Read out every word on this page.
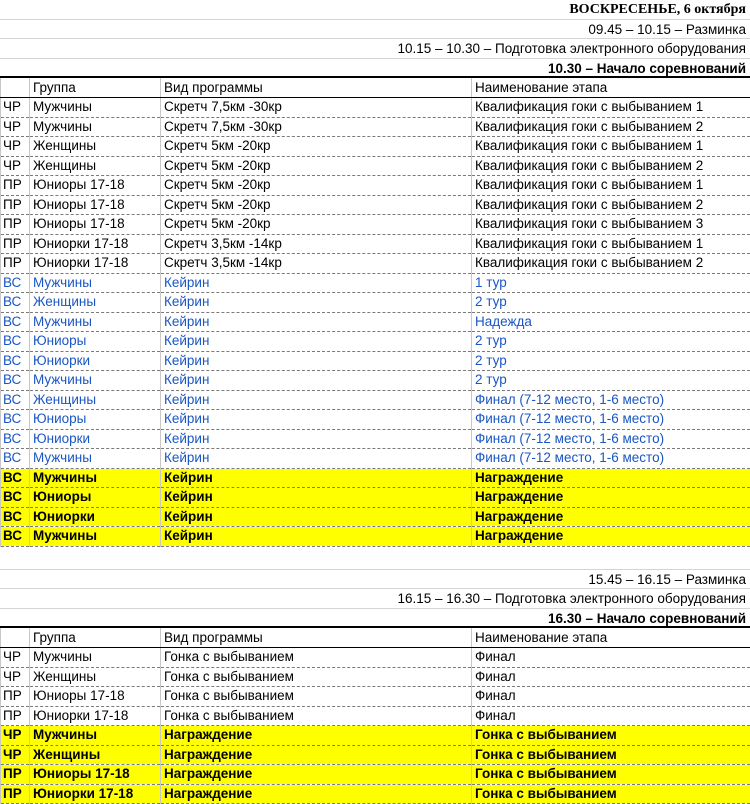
ВОСКРЕСЕНЬЕ, 6 октября
09.45 – 10.15 – Разминка
10.15 – 10.30 – Подготовка электронного оборудования
10.30 – Начало соревнований
	Группа	Вид программы	Наименование этапа
ЧР	Мужчины	Скретч 7,5км -30кр	Квалификация гоки с выбыванием 1
ЧР	Мужчины	Скретч 7,5км -30кр	Квалификация гоки с выбыванием 2
ЧР	Женщины	Скретч 5км -20кр	Квалификация гоки с выбыванием 1
ЧР	Женщины	Скретч 5км -20кр	Квалификация гоки с выбыванием 2
ПР	Юниоры 17-18	Скретч 5км -20кр	Квалификация гоки с выбыванием 1
ПР	Юниоры 17-18	Скретч 5км -20кр	Квалификация гоки с выбыванием 2
ПР	Юниоры 17-18	Скретч 5км -20кр	Квалификация гоки с выбыванием 3
ПР	Юниорки 17-18	Скретч 3,5км -14кр	Квалификация гоки с выбыванием 1
ПР	Юниорки 17-18	Скретч 3,5км -14кр	Квалификация гоки с выбыванием 2
ВС	Мужчины	Кейрин	1 тур
ВС	Женщины	Кейрин	2 тур
ВС	Мужчины	Кейрин	Надежда
ВС	Юниоры	Кейрин	2 тур
ВС	Юниорки	Кейрин	2 тур
ВС	Мужчины	Кейрин	2 тур
ВС	Женщины	Кейрин	Финал (7-12 место, 1-6 место)
ВС	Юниоры	Кейрин	Финал (7-12 место, 1-6 место)
ВС	Юниорки	Кейрин	Финал (7-12 место, 1-6 место)
ВС	Мужчины	Кейрин	Финал (7-12 место, 1-6 место)
ВС	Мужчины	Кейрин	Награждение
ВС	Юниоры	Кейрин	Награждение
ВС	Юниорки	Кейрин	Награждение
ВС	Мужчины	Кейрин	Награждение
15.45 – 16.15 – Разминка
16.15 – 16.30 – Подготовка электронного оборудования
16.30 – Начало соревнований
	Группа	Вид программы	Наименование этапа
ЧР	Мужчины	Гонка с выбыванием	Финал
ЧР	Женщины	Гонка с выбыванием	Финал
ПР	Юниоры 17-18	Гонка с выбыванием	Финал
ПР	Юниорки 17-18	Гонка с выбыванием	Финал
ЧР	Мужчины	Награждение	Гонка с выбыванием
ЧР	Женщины	Награждение	Гонка с выбыванием
ПР	Юниоры 17-18	Награждение	Гонка с выбыванием
ПР	Юниорки 17-18	Награждение	Гонка с выбыванием
